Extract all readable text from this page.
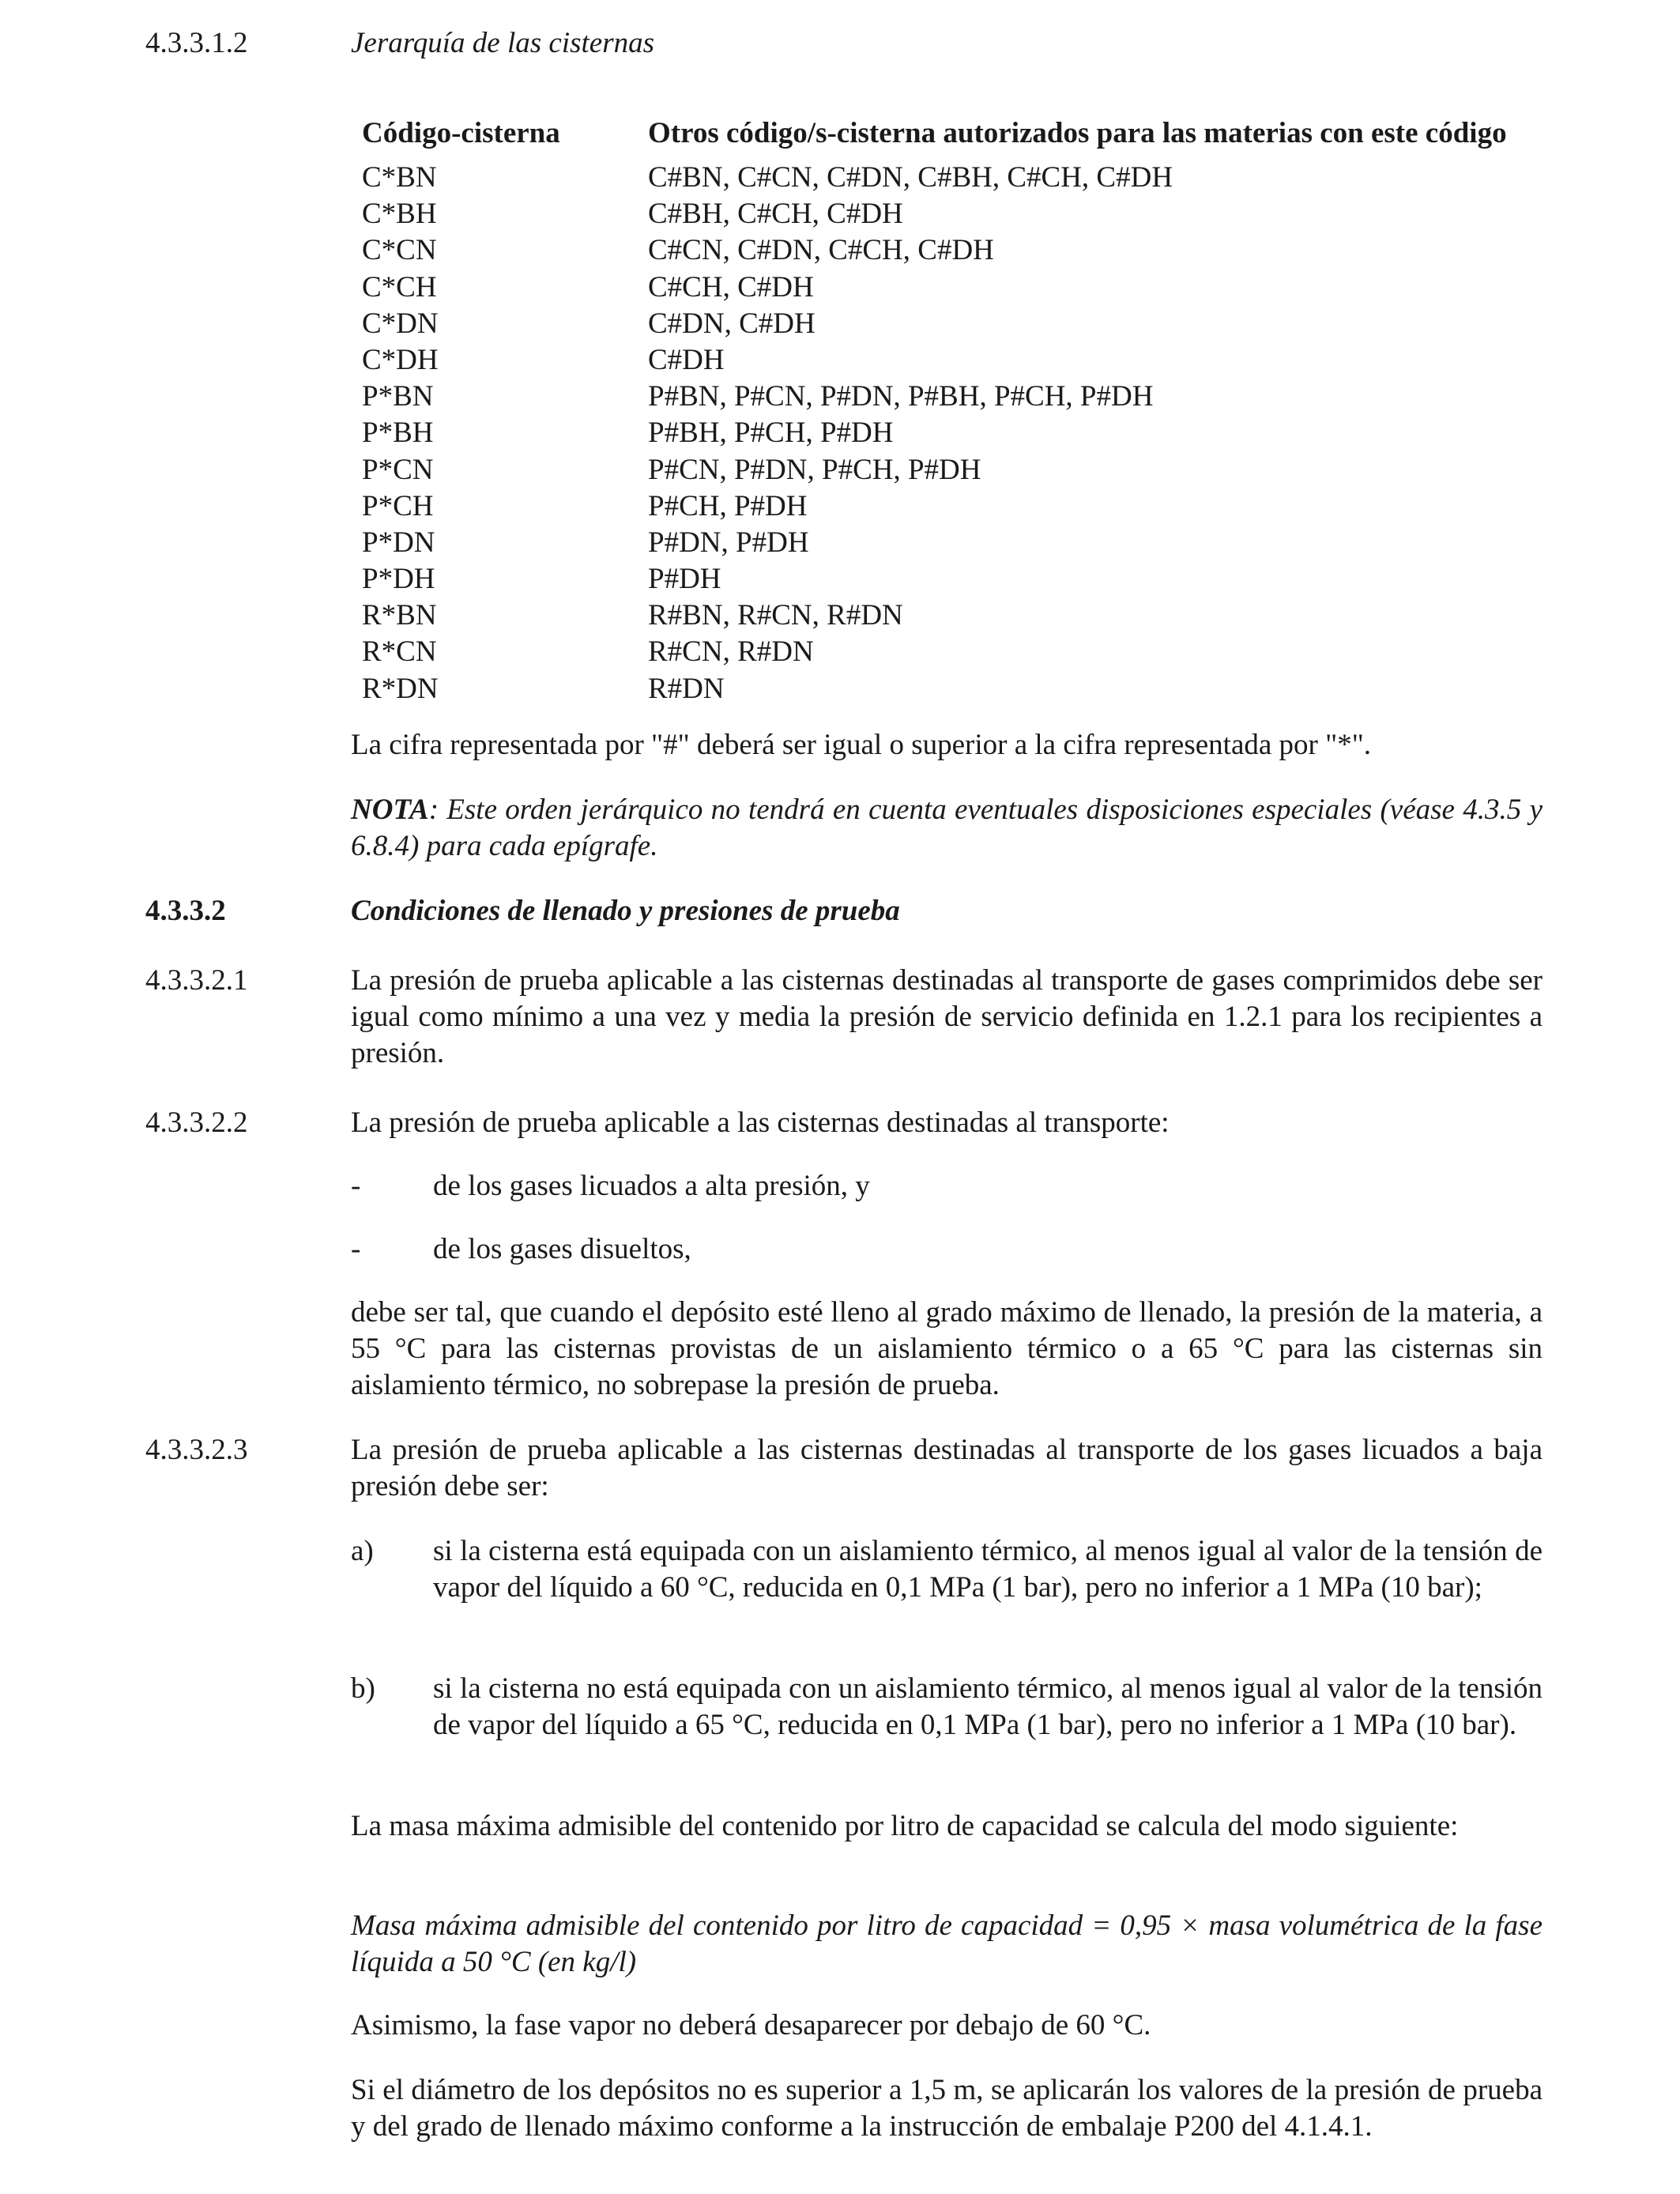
4.3.3.1.2	Jerarquía de las cisternas
Código-cisterna	Otros código/s-cisterna autorizados para las materias con este código
C*BN	C#BN, C#CN, C#DN, C#BH, C#CH, C#DH
C*BH	C#BH, C#CH, C#DH
C*CN	C#CN, C#DN, C#CH, C#DH
C*CH	C#CH, C#DH
C*DN	C#DN, C#DH
C*DH	C#DH
P*BN	P#BN, P#CN, P#DN, P#BH, P#CH, P#DH
P*BH	P#BH, P#CH, P#DH
P*CN	P#CN, P#DN, P#CH, P#DH
P*CH	P#CH, P#DH
P*DN	P#DN, P#DH
P*DH	P#DH
R*BN	R#BN, R#CN, R#DN
R*CN	R#CN, R#DN
R*DN	R#DN
La cifra representada por "#" deberá ser igual o superior a la cifra representada por "*".
NOTA: Este orden jerárquico no tendrá en cuenta eventuales disposiciones especiales (véase 4.3.5 y 6.8.4) para cada epígrafe.
4.3.3.2	Condiciones de llenado y presiones de prueba
4.3.3.2.1	La presión de prueba aplicable a las cisternas destinadas al transporte de gases comprimidos debe ser igual como mínimo a una vez y media la presión de servicio definida en 1.2.1 para los recipientes a presión.
4.3.3.2.2	La presión de prueba aplicable a las cisternas destinadas al transporte:
- de los gases licuados a alta presión, y
- de los gases disueltos,
debe ser tal, que cuando el depósito esté lleno al grado máximo de llenado, la presión de la materia, a 55 °C para las cisternas provistas de un aislamiento térmico o a 65 °C para las cisternas sin aislamiento térmico, no sobrepase la presión de prueba.
4.3.3.2.3	La presión de prueba aplicable a las cisternas destinadas al transporte de los gases licuados a baja presión debe ser:
a) si la cisterna está equipada con un aislamiento térmico, al menos igual al valor de la tensión de vapor del líquido a 60 °C, reducida en 0,1 MPa (1 bar), pero no inferior a 1 MPa (10 bar);
b) si la cisterna no está equipada con un aislamiento térmico, al menos igual al valor de la tensión de vapor del líquido a 65 °C, reducida en 0,1 MPa (1 bar), pero no inferior a 1 MPa (10 bar).
La masa máxima admisible del contenido por litro de capacidad se calcula del modo siguiente:
Masa máxima admisible del contenido por litro de capacidad = 0,95 × masa volumétrica de la fase líquida a 50 °C (en kg/l)
Asimismo, la fase vapor no deberá desaparecer por debajo de 60 °C.
Si el diámetro de los depósitos no es superior a 1,5 m, se aplicarán los valores de la presión de prueba y del grado de llenado máximo conforme a la instrucción de embalaje P200 del 4.1.4.1.
